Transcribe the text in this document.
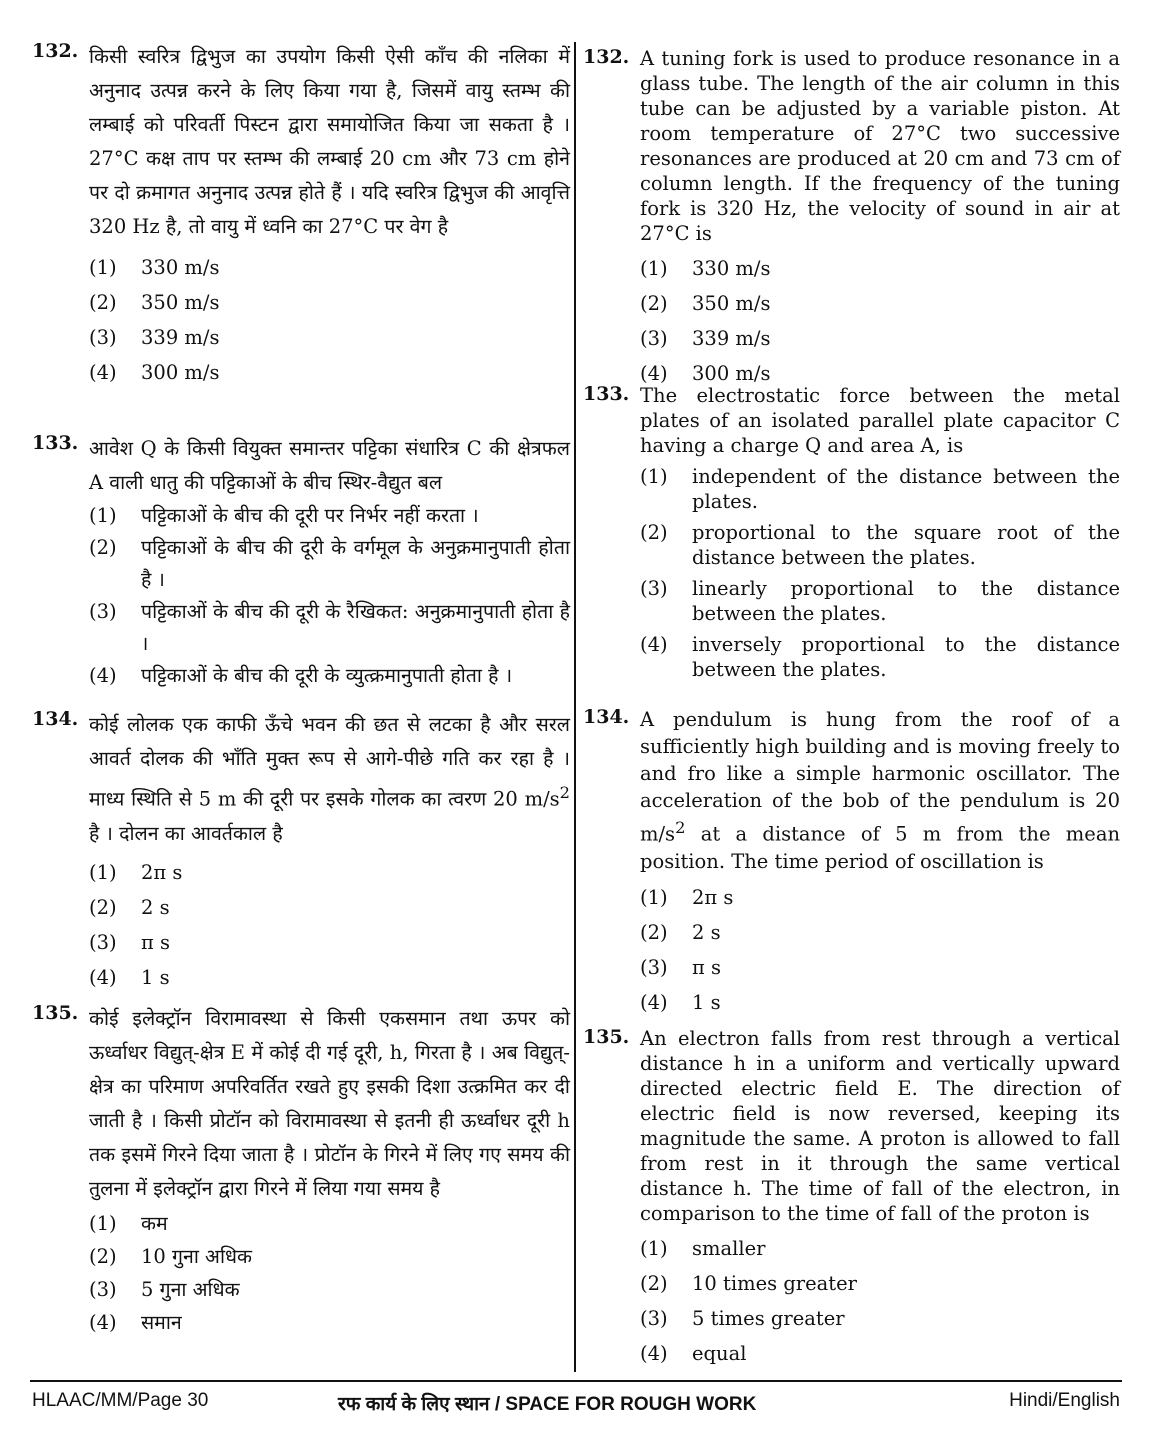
132. किसी स्वरित्र द्विभुज का उपयोग किसी ऐसी काँच की नलिका में अनुनाद उत्पन्न करने के लिए किया गया है, जिसमें वायु स्तम्भ की लम्बाई को परिवर्ती पिस्टन द्वारा समायोजित किया जा सकता है । 27°C कक्ष ताप पर स्तम्भ की लम्बाई 20 cm और 73 cm होने पर दो क्रमागत अनुनाद उत्पन्न होते हैं । यदि स्वरित्र द्विभुज की आवृत्ति 320 Hz है, तो वायु में ध्वनि का 27°C पर वेग है
(1) 330 m/s
(2) 350 m/s
(3) 339 m/s
(4) 300 m/s
133. आवेश Q के किसी वियुक्त समान्तर पट्टिका संधारित्र C की क्षेत्रफल A वाली धातु की पट्टिकाओं के बीच स्थिर-वैद्युत बल
(1) पट्टिकाओं के बीच की दूरी पर निर्भर नहीं करता ।
(2) पट्टिकाओं के बीच की दूरी के वर्गमूल के अनुक्रमानुपाती होता है ।
(3) पट्टिकाओं के बीच की दूरी के रैखिकत: अनुक्रमानुपाती होता है ।
(4) पट्टिकाओं के बीच की दूरी के व्युत्क्रमानुपाती होता है ।
134. कोई लोलक एक काफी ऊँचे भवन की छत से लटका है और सरल आवर्त दोलक की भाँति मुक्त रूप से आगे-पीछे गति कर रहा है । माध्य स्थिति से 5 m की दूरी पर इसके गोलक का त्वरण 20 $m/s^2$ है । दोलन का आवर्तकाल है
(1) 2π s
(2) 2 s
(3) π s
(4) 1 s
135. कोई इलेक्ट्रॉन विरामावस्था से किसी एकसमान तथा ऊपर को ऊर्ध्वाधर विद्युत्-क्षेत्र E में कोई दी गई दूरी, h, गिरता है । अब विद्युत्-क्षेत्र का परिमाण अपरिवर्तित रखते हुए इसकी दिशा उत्क्रमित कर दी जाती है । किसी प्रोटॉन को विरामावस्था से इतनी ही ऊर्ध्वाधर दूरी h तक इसमें गिरने दिया जाता है । प्रोटॉन के गिरने में लिए गए समय की तुलना में इलेक्ट्रॉन द्वारा गिरने में लिया गया समय है
(1) कम
(2) 10 गुना अधिक
(3) 5 गुना अधिक
(4) समान
132. A tuning fork is used to produce resonance in a glass tube. The length of the air column in this tube can be adjusted by a variable piston. At room temperature of 27°C two successive resonances are produced at 20 cm and 73 cm of column length. If the frequency of the tuning fork is 320 Hz, the velocity of sound in air at 27°C is
(1) 330 m/s
(2) 350 m/s
(3) 339 m/s
(4) 300 m/s
133. The electrostatic force between the metal plates of an isolated parallel plate capacitor C having a charge Q and area A, is
(1) independent of the distance between the plates.
(2) proportional to the square root of the distance between the plates.
(3) linearly proportional to the distance between the plates.
(4) inversely proportional to the distance between the plates.
134. A pendulum is hung from the roof of a sufficiently high building and is moving freely to and fro like a simple harmonic oscillator. The acceleration of the bob of the pendulum is 20 $m/s^2$ at a distance of 5 m from the mean position. The time period of oscillation is
(1) 2π s
(2) 2 s
(3) π s
(4) 1 s
135. An electron falls from rest through a vertical distance h in a uniform and vertically upward directed electric field E. The direction of electric field is now reversed, keeping its magnitude the same. A proton is allowed to fall from rest in it through the same vertical distance h. The time of fall of the electron, in comparison to the time of fall of the proton is
(1) smaller
(2) 10 times greater
(3) 5 times greater
(4) equal
HLAAC/MM/Page 30	रफ कार्य के लिए स्थान / SPACE FOR ROUGH WORK	Hindi/English
